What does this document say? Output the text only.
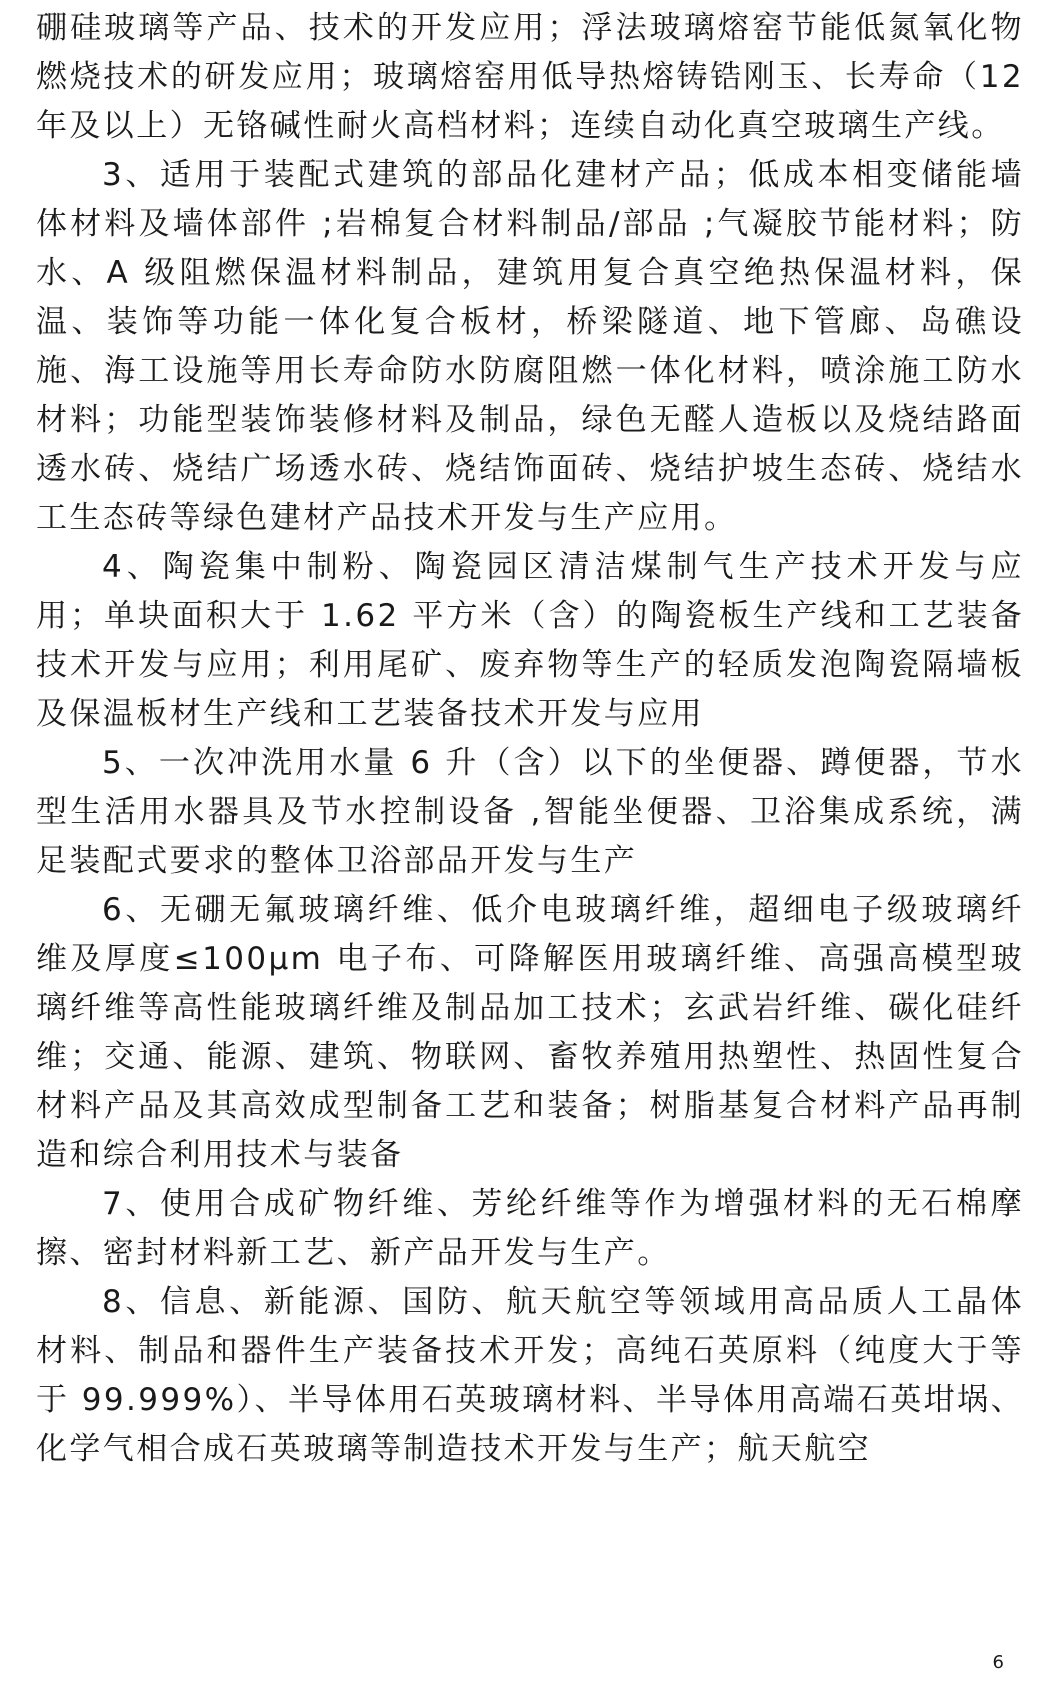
硼硅玻璃等产品、技术的开发应用；浮法玻璃熔窑节能低氮氧化物燃烧技术的研发应用；玻璃熔窑用低导热熔铸锆刚玉、长寿命（12 年及以上）无铬碱性耐火高档材料；连续自动化真空玻璃生产线。

3、适用于装配式建筑的部品化建材产品；低成本相变储能墙体材料及墙体部件 ;岩棉复合材料制品/部品 ;气凝胶节能材料；防水、A 级阻燃保温材料制品，建筑用复合真空绝热保温材料，保温、装饰等功能一体化复合板材，桥梁隧道、地下管廊、岛礁设施、海工设施等用长寿命防水防腐阻燃一体化材料，喷涂施工防水材料；功能型装饰装修材料及制品，绿色无醛人造板以及烧结路面透水砖、烧结广场透水砖、烧结饰面砖、烧结护坡生态砖、烧结水工生态砖等绿色建材产品技术开发与生产应用。

4、陶瓷集中制粉、陶瓷园区清洁煤制气生产技术开发与应用；单块面积大于 1.62 平方米（含）的陶瓷板生产线和工艺装备技术开发与应用；利用尾矿、废弃物等生产的轻质发泡陶瓷隔墙板及保温板材生产线和工艺装备技术开发与应用

5、一次冲洗用水量 6 升（含）以下的坐便器、蹲便器，节水型生活用水器具及节水控制设备 ,智能坐便器、卫浴集成系统，满足装配式要求的整体卫浴部品开发与生产

6、无硼无氟玻璃纤维、低介电玻璃纤维，超细电子级玻璃纤维及厚度≤100μm 电子布、可降解医用玻璃纤维、高强高模型玻璃纤维等高性能玻璃纤维及制品加工技术；玄武岩纤维、碳化硅纤维；交通、能源、建筑、物联网、畜牧养殖用热塑性、热固性复合材料产品及其高效成型制备工艺和装备；树脂基复合材料产品再制造和综合利用技术与装备

7、使用合成矿物纤维、芳纶纤维等作为增强材料的无石棉摩擦、密封材料新工艺、新产品开发与生产。

8、信息、新能源、国防、航天航空等领域用高品质人工晶体材料、制品和器件生产装备技术开发；高纯石英原料（纯度大于等于 99.999%）、半导体用石英玻璃材料、半导体用高端石英坩埚、化学气相合成石英玻璃等制造技术开发与生产；航天航空

6
